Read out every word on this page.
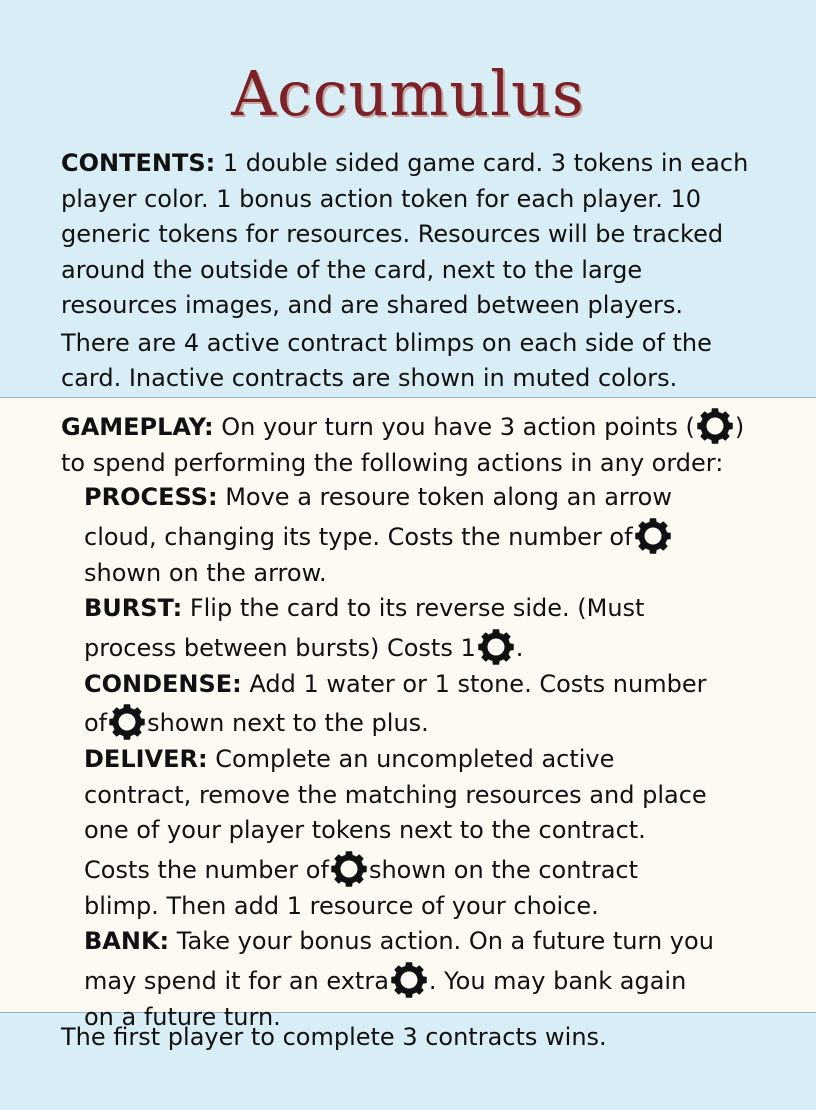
Accumulus
CONTENTS: 1 double sided game card. 3 tokens in each
player color. 1 bonus action token for each player. 10
generic tokens for resources. Resources will be tracked
around the outside of the card, next to the large
resources images, and are shared between players.
There are 4 active contract blimps on each side of the
card. Inactive contracts are shown in muted colors.
GAMEPLAY: On your turn you have 3 action points ( )
to spend performing the following actions in any order:
PROCESS: Move a resoure token along an arrow
cloud, changing its type. Costs the number of
shown on the arrow.
BURST: Flip the card to its reverse side. (Must
process between bursts) Costs 1 .
CONDENSE: Add 1 water or 1 stone. Costs number
of shown next to the plus.
DELIVER: Complete an uncompleted active
contract, remove the matching resources and place
one of your player tokens next to the contract.
Costs the number of shown on the contract
blimp. Then add 1 resource of your choice.
BANK: Take your bonus action. On a future turn you
may spend it for an extra . You may bank again
on a future turn.
The first player to complete 3 contracts wins.
